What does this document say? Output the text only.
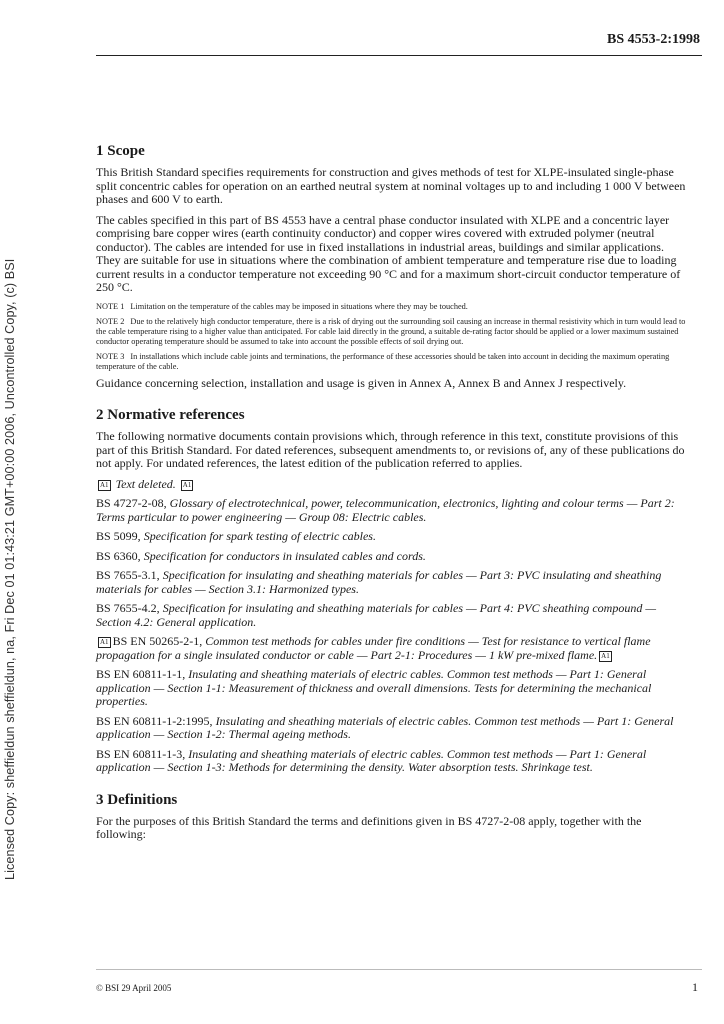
BS 4553-2:1998
Licensed Copy: sheffieldun sheffieldun, na, Fri Dec 01 01:43:21 GMT+00:00 2006, Uncontrolled Copy, (c) BSI
1 Scope

This British Standard specifies requirements for construction and gives methods of test for XLPE-insulated single-phase split concentric cables for operation on an earthed neutral system at nominal voltages up to and including 1 000 V between phases and 600 V to earth.

The cables specified in this part of BS 4553 have a central phase conductor insulated with XLPE and a concentric layer comprising bare copper wires (earth continuity conductor) and copper wires covered with extruded polymer (neutral conductor). The cables are intended for use in fixed installations in industrial areas, buildings and similar applications. They are suitable for use in situations where the combination of ambient temperature and temperature rise due to loading current results in a conductor temperature not exceeding 90 °C and for a maximum short-circuit conductor temperature of 250 °C.

NOTE 1 Limitation on the temperature of the cables may be imposed in situations where they may be touched.
NOTE 2 Due to the relatively high conductor temperature, there is a risk of drying out the surrounding soil causing an increase in thermal resistivity which in turn would lead to the cable temperature rising to a higher value than anticipated. For cable laid directly in the ground, a suitable de-rating factor should be applied or a lower maximum sustained conductor operating temperature should be assumed to take into account the possible effects of soil drying out.
NOTE 3 In installations which include cable joints and terminations, the performance of these accessories should be taken into account in deciding the maximum operating temperature of the cable.

Guidance concerning selection, installation and usage is given in Annex A, Annex B and Annex J respectively.

2 Normative references

The following normative documents contain provisions which, through reference in this text, constitute provisions of this part of this British Standard. For dated references, subsequent amendments to, or revisions of, any of these publications do not apply. For undated references, the latest edition of the publication referred to applies.

A1 Text deleted. A1

BS 4727-2-08, Glossary of electrotechnical, power, telecommunication, electronics, lighting and colour terms — Part 2: Terms particular to power engineering — Group 08: Electric cables.

BS 5099, Specification for spark testing of electric cables.

BS 6360, Specification for conductors in insulated cables and cords.

BS 7655-3.1, Specification for insulating and sheathing materials for cables — Part 3: PVC insulating and sheathing materials for cables — Section 3.1: Harmonized types.

BS 7655-4.2, Specification for insulating and sheathing materials for cables — Part 4: PVC sheathing compound — Section 4.2: General application.

A1 BS EN 50265-2-1, Common test methods for cables under fire conditions — Test for resistance to vertical flame propagation for a single insulated conductor or cable — Part 2-1: Procedures — 1 kW pre-mixed flame. A1

BS EN 60811-1-1, Insulating and sheathing materials of electric cables. Common test methods — Part 1: General application — Section 1-1: Measurement of thickness and overall dimensions. Tests for determining the mechanical properties.

BS EN 60811-1-2:1995, Insulating and sheathing materials of electric cables. Common test methods — Part 1: General application — Section 1-2: Thermal ageing methods.

BS EN 60811-1-3, Insulating and sheathing materials of electric cables. Common test methods — Part 1: General application — Section 1-3: Methods for determining the density. Water absorption tests. Shrinkage test.

3 Definitions

For the purposes of this British Standard the terms and definitions given in BS 4727-2-08 apply, together with the following:

© BSI 29 April 2005	1
